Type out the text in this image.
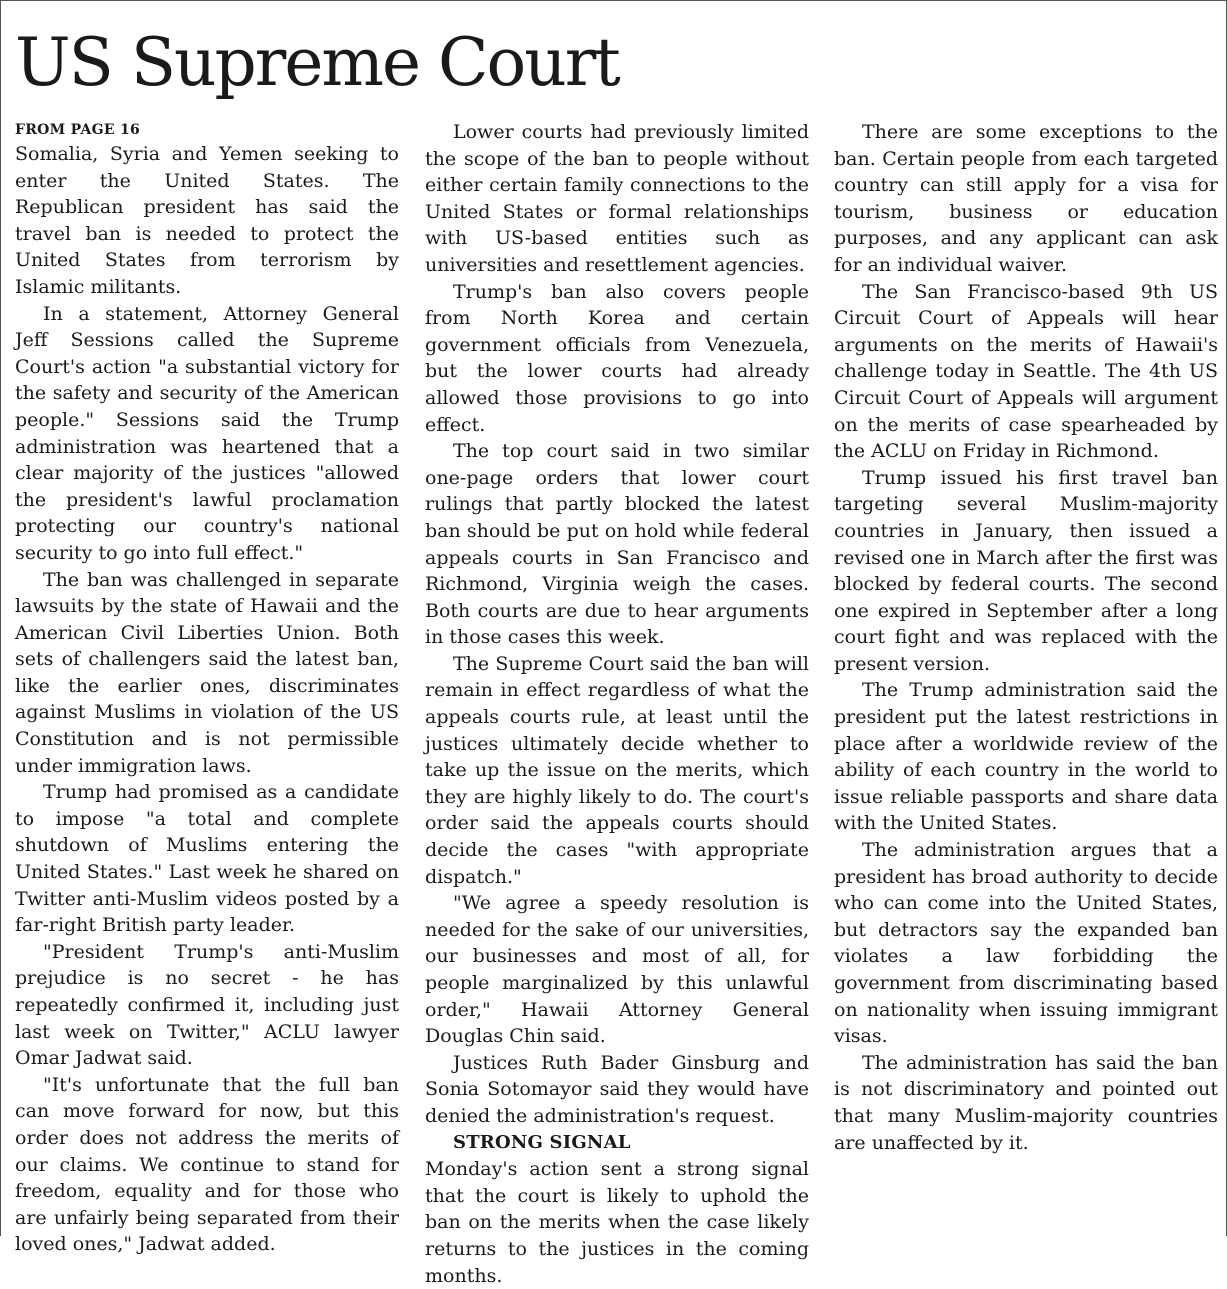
US Supreme Court
FROM PAGE 16

Somalia, Syria and Yemen seeking to enter the United States. The Republican president has said the travel ban is needed to protect the United States from terrorism by Islamic militants.

In a statement, Attorney General Jeff Sessions called the Supreme Court's action "a substantial victory for the safety and security of the American people." Sessions said the Trump administration was heartened that a clear majority of the justices "allowed the president's lawful proclamation protecting our country's national security to go into full effect."

The ban was challenged in separate lawsuits by the state of Hawaii and the American Civil Liberties Union. Both sets of challengers said the latest ban, like the earlier ones, discriminates against Muslims in violation of the US Constitution and is not permissible under immigration laws.

Trump had promised as a candidate to impose "a total and complete shutdown of Muslims entering the United States." Last week he shared on Twitter anti-Muslim videos posted by a far-right British party leader.

"President Trump's anti-Muslim prejudice is no secret - he has repeatedly confirmed it, including just last week on Twitter," ACLU lawyer Omar Jadwat said.

"It's unfortunate that the full ban can move forward for now, but this order does not address the merits of our claims. We continue to stand for freedom, equality and for those who are unfairly being separated from their loved ones," Jadwat added.

Lower courts had previously limited the scope of the ban to people without either certain family connections to the United States or formal relationships with US-based entities such as universities and resettlement agencies.

Trump's ban also covers people from North Korea and certain government officials from Venezuela, but the lower courts had already allowed those provisions to go into effect.

The top court said in two similar one-page orders that lower court rulings that partly blocked the latest ban should be put on hold while federal appeals courts in San Francisco and Richmond, Virginia weigh the cases. Both courts are due to hear arguments in those cases this week.

The Supreme Court said the ban will remain in effect regardless of what the appeals courts rule, at least until the justices ultimately decide whether to take up the issue on the merits, which they are highly likely to do. The court's order said the appeals courts should decide the cases "with appropriate dispatch."

"We agree a speedy resolution is needed for the sake of our universities, our businesses and most of all, for people marginalized by this unlawful order," Hawaii Attorney General Douglas Chin said.

Justices Ruth Bader Ginsburg and Sonia Sotomayor said they would have denied the administration's request.

STRONG SIGNAL

Monday's action sent a strong signal that the court is likely to uphold the ban on the merits when the case likely returns to the justices in the coming months.

There are some exceptions to the ban. Certain people from each targeted country can still apply for a visa for tourism, business or education purposes, and any applicant can ask for an individual waiver.

The San Francisco-based 9th US Circuit Court of Appeals will hear arguments on the merits of Hawaii's challenge today in Seattle. The 4th US Circuit Court of Appeals will argument on the merits of case spearheaded by the ACLU on Friday in Richmond.

Trump issued his first travel ban targeting several Muslim-majority countries in January, then issued a revised one in March after the first was blocked by federal courts. The second one expired in September after a long court fight and was replaced with the present version.

The Trump administration said the president put the latest restrictions in place after a worldwide review of the ability of each country in the world to issue reliable passports and share data with the United States.

The administration argues that a president has broad authority to decide who can come into the United States, but detractors say the expanded ban violates a law forbidding the government from discriminating based on nationality when issuing immigrant visas.

The administration has said the ban is not discriminatory and pointed out that many Muslim-majority countries are unaffected by it.
